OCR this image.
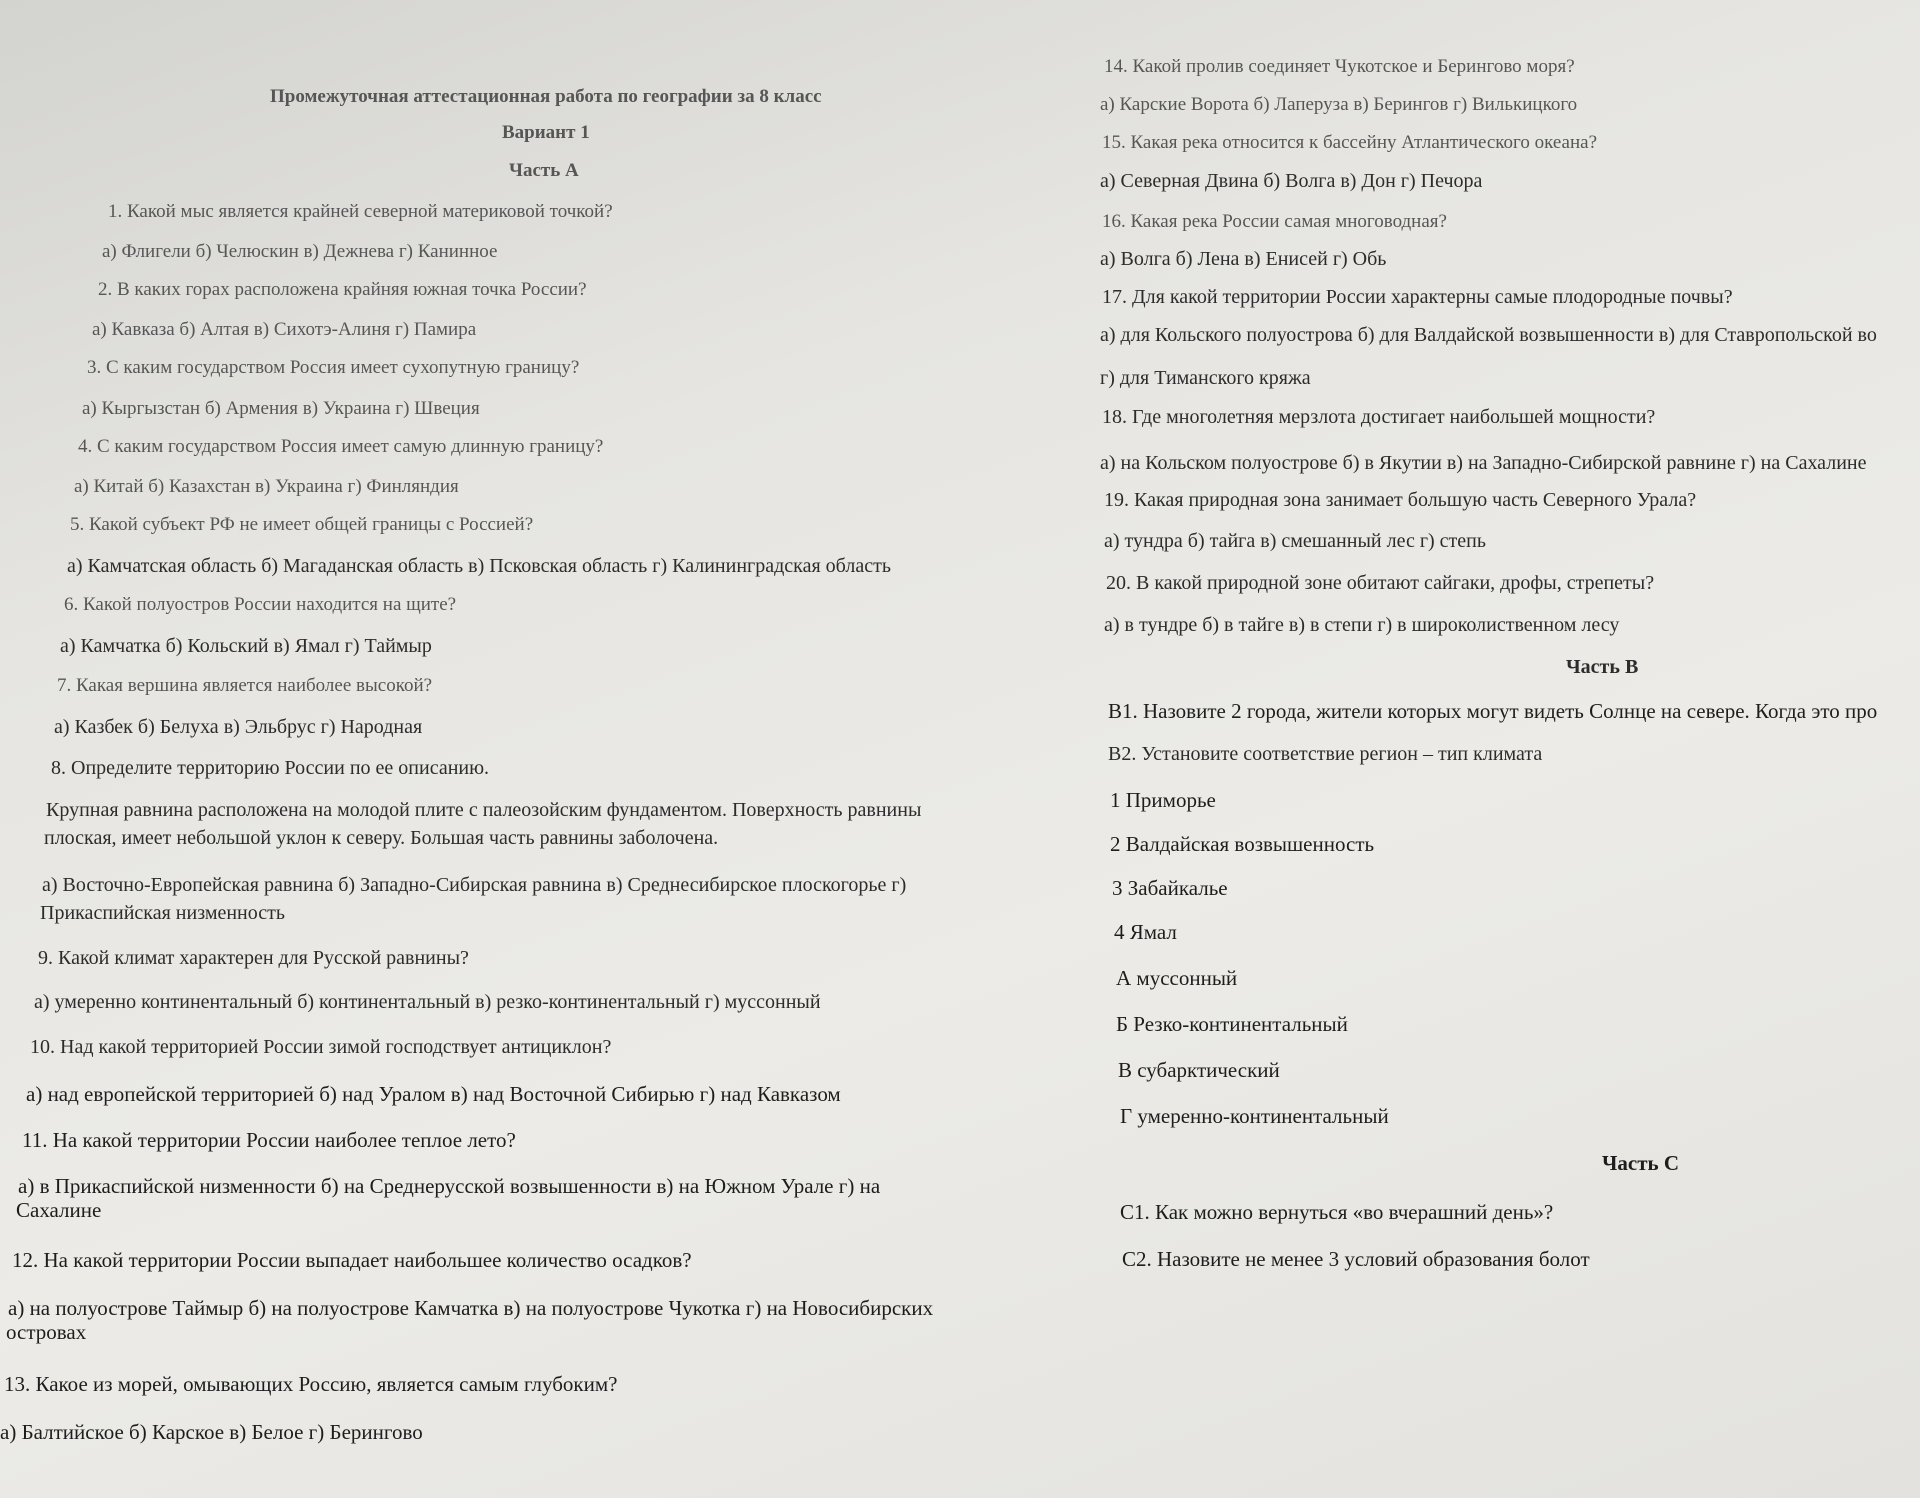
Промежуточная аттестационная работа по географии за 8 класс
Вариант 1
Часть А
1. Какой мыс является крайней северной материковой точкой?
а) Флигели б) Челюскин в) Дежнева г) Канинное
2. В каких горах расположена крайняя южная точка России?
а) Кавказа б) Алтая в) Сихотэ-Алиня г) Памира
3. С каким государством Россия имеет сухопутную границу?
а) Кыргызстан б) Армения в) Украина г) Швеция
4. С каким государством Россия имеет самую длинную границу?
а) Китай б) Казахстан в) Украина г) Финляндия
5. Какой субъект РФ не имеет общей границы с Россией?
а) Камчатская область б) Магаданская область в) Псковская область г) Калининградская область
6. Какой полуостров России находится на щите?
а) Камчатка б) Кольский в) Ямал г) Таймыр
7. Какая вершина является наиболее высокой?
а) Казбек б) Белуха в) Эльбрус г) Народная
8. Определите территорию России по ее описанию.
Крупная равнина расположена на молодой плите с палеозойским фундаментом. Поверхность равнины
плоская, имеет небольшой уклон к северу. Большая часть равнины заболочена.
а) Восточно-Европейская равнина б) Западно-Сибирская равнина в) Среднесибирское плоскогорье г)
Прикаспийская низменность
9. Какой климат характерен для Русской равнины?
а) умеренно континентальный б) континентальный в) резко-континентальный г) муссонный
10. Над какой территорией России зимой господствует антициклон?
а) над европейской территорией б) над Уралом в) над Восточной Сибирью г) над Кавказом
11. На какой территории России наиболее теплое лето?
а) в Прикаспийской низменности б) на Среднерусской возвышенности в) на Южном Урале г) на
Сахалине
12. На какой территории России выпадает наибольшее количество осадков?
а) на полуострове Таймыр б) на полуострове Камчатка в) на полуострове Чукотка г) на Новосибирских
островах
13. Какое из морей, омывающих Россию, является самым глубоким?
а) Балтийское б) Карское в) Белое г) Берингово
14. Какой пролив соединяет Чукотское и Берингово моря?
а) Карские Ворота б) Лаперуза в) Берингов г) Вилькицкого
15. Какая река относится к бассейну Атлантического океана?
а) Северная Двина б) Волга в) Дон г) Печора
16. Какая река России самая многоводная?
а) Волга б) Лена в) Енисей г) Обь
17. Для какой территории России характерны самые плодородные почвы?
а) для Кольского полуострова б) для Валдайской возвышенности в) для Ставропольской во
г) для Тиманского кряжа
18. Где многолетняя мерзлота достигает наибольшей мощности?
а) на Кольском полуострове б) в Якутии в) на Западно-Сибирской равнине г) на Сахалине
19. Какая природная зона занимает большую часть Северного Урала?
а) тундра б) тайга в) смешанный лес г) степь
20. В какой природной зоне обитают сайгаки, дрофы, стрепеты?
а) в тундре б) в тайге в) в степи г) в широколиственном лесу
Часть В
В1. Назовите 2 города, жители которых могут видеть Солнце на севере. Когда это про
В2. Установите соответствие регион – тип климата
1 Приморье
2 Валдайская возвышенность
3 Забайкалье
4 Ямал
А муссонный
Б Резко-континентальный
В субарктический
Г умеренно-континентальный
Часть С
С1. Как можно вернуться «во вчерашний день»?
С2. Назовите не менее 3 условий образования болот
